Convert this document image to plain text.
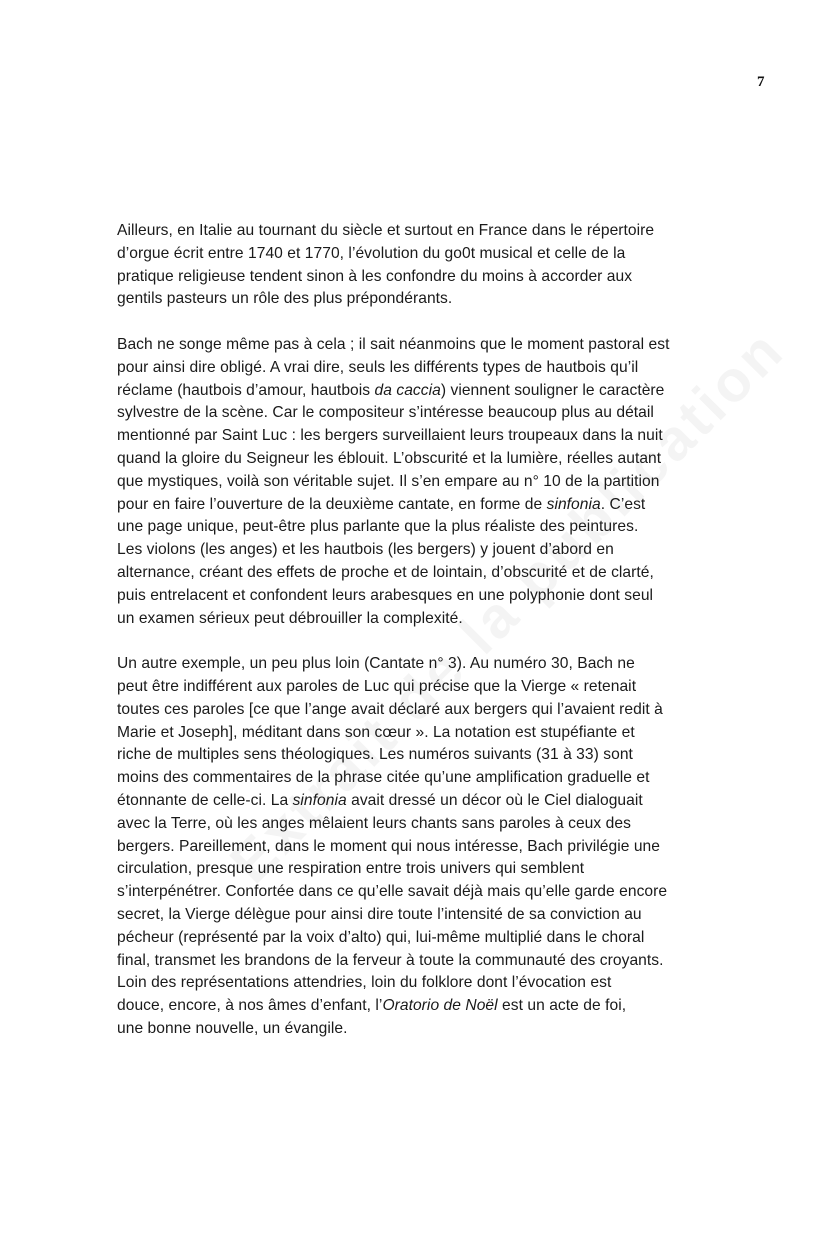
7

Ailleurs, en Italie au tournant du siècle et surtout en France dans le répertoire
d’orgue écrit entre 1740 et 1770, l’évolution du go0t musical et celle de la
pratique religieuse tendent sinon à les confondre du moins à accorder aux
gentils pasteurs un rôle des plus prépondérants.

Bach ne songe même pas à cela ; il sait néanmoins que le moment pastoral est
pour ainsi dire obligé. A vrai dire, seuls les différents types de hautbois qu’il
réclame (hautbois d’amour, hautbois da caccia) viennent souligner le caractère
sylvestre de la scène. Car le compositeur s’intéresse beaucoup plus au détail
mentionné par Saint Luc : les bergers surveillaient leurs troupeaux dans la nuit
quand la gloire du Seigneur les éblouit. L’obscurité et la lumière, réelles autant
que mystiques, voilà son véritable sujet. Il s’en empare au n° 10 de la partition
pour en faire l’ouverture de la deuxième cantate, en forme de sinfonia. C’est
une page unique, peut-être plus parlante que la plus réaliste des peintures.
Les violons (les anges) et les hautbois (les bergers) y jouent d’abord en
alternance, créant des effets de proche et de lointain, d’obscurité et de clarté,
puis entrelacent et confondent leurs arabesques en une polyphonie dont seul
un examen sérieux peut débrouiller la complexité.

Un autre exemple, un peu plus loin (Cantate n° 3). Au numéro 30, Bach ne
peut être indifférent aux paroles de Luc qui précise que la Vierge « retenait
toutes ces paroles [ce que l’ange avait déclaré aux bergers qui l’avaient redit à
Marie et Joseph], méditant dans son cœur ». La notation est stupéfiante et
riche de multiples sens théologiques. Les numéros suivants (31 à 33) sont
moins des commentaires de la phrase citée qu’une amplification graduelle et
étonnante de celle-ci. La sinfonia avait dressé un décor où le Ciel dialoguait
avec la Terre, où les anges mêlaient leurs chants sans paroles à ceux des
bergers. Pareillement, dans le moment qui nous intéresse, Bach privilégie une
circulation, presque une respiration entre trois univers qui semblent
s’interpénétrer. Confortée dans ce qu’elle savait déjà mais qu’elle garde encore
secret, la Vierge délègue pour ainsi dire toute l’intensité de sa conviction au
pécheur (représenté par la voix d’alto) qui, lui-même multiplié dans le choral
final, transmet les brandons de la ferveur à toute la communauté des croyants.
Loin des représentations attendries, loin du folklore dont l’évocation est
douce, encore, à nos âmes d’enfant, l’Oratorio de Noël est un acte de foi,
une bonne nouvelle, un évangile.
